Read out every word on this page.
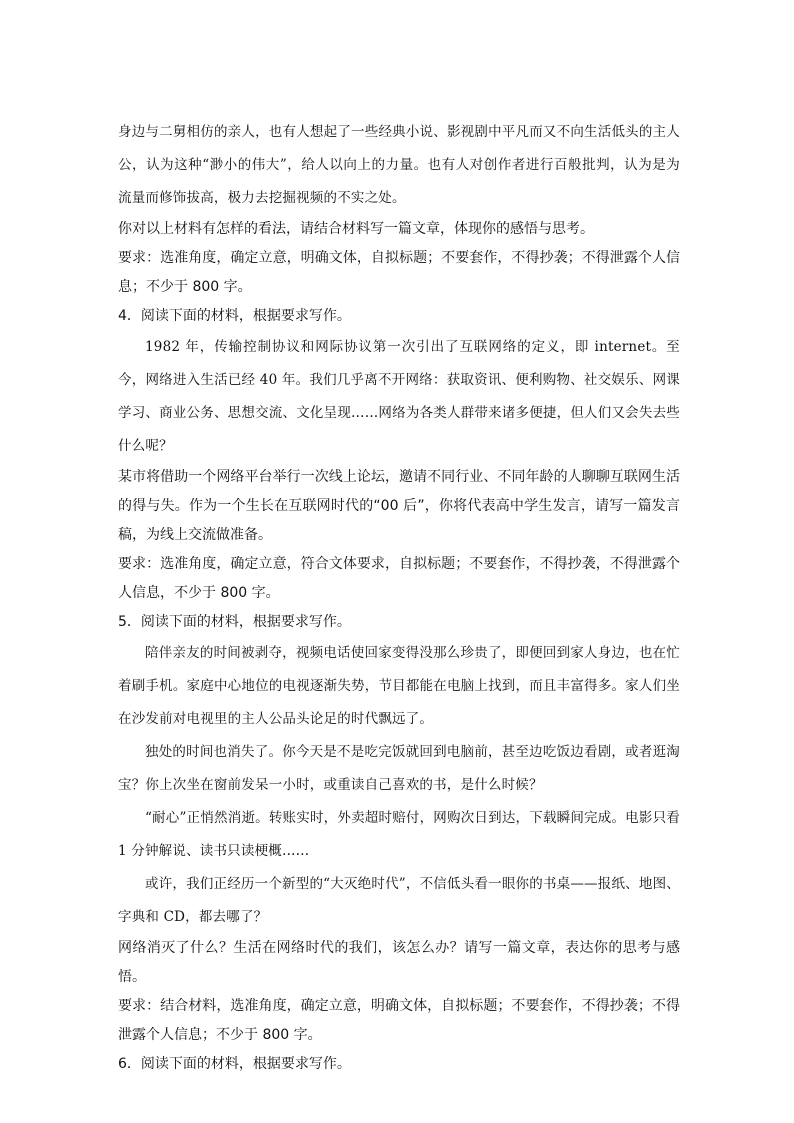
身边与二舅相仿的亲人，也有人想起了一些经典小说、影视剧中平凡而又不向生活低头的主人公，认为这种“渺小的伟大”，给人以向上的力量。也有人对创作者进行百般批判，认为是为流量而修饰拔高，极力去挖掘视频的不实之处。

你对以上材料有怎样的看法，请结合材料写一篇文章，体现你的感悟与思考。

要求：选准角度，确定立意，明确文体，自拟标题；不要套作，不得抄袭；不得泄露个人信息；不少于 800 字。

4．阅读下面的材料，根据要求写作。

1982 年，传输控制协议和网际协议第一次引出了互联网络的定义，即 internet。至今，网络进入生活已经 40 年。我们几乎离不开网络：获取资讯、便利购物、社交娱乐、网课学习、商业公务、思想交流、文化呈现……网络为各类人群带来诸多便捷，但人们又会失去些什么呢？

某市将借助一个网络平台举行一次线上论坛，邀请不同行业、不同年龄的人聊聊互联网生活的得与失。作为一个生长在互联网时代的“00 后”，你将代表高中学生发言，请写一篇发言稿，为线上交流做准备。

要求：选准角度，确定立意，符合文体要求，自拟标题；不要套作，不得抄袭，不得泄露个人信息，不少于 800 字。

5．阅读下面的材料，根据要求写作。

陪伴亲友的时间被剥夺，视频电话使回家变得没那么珍贵了，即便回到家人身边，也在忙着刷手机。家庭中心地位的电视逐渐失势，节目都能在电脑上找到，而且丰富得多。家人们坐在沙发前对电视里的主人公品头论足的时代飘远了。

独处的时间也消失了。你今天是不是吃完饭就回到电脑前，甚至边吃饭边看剧，或者逛淘宝？你上次坐在窗前发呆一小时，或重读自己喜欢的书，是什么时候？

“耐心”正悄然消逝。转账实时，外卖超时赔付，网购次日到达，下载瞬间完成。电影只看 1 分钟解说、读书只读梗概……

或许，我们正经历一个新型的“大灭绝时代”，不信低头看一眼你的书桌——报纸、地图、字典和 CD，都去哪了？

网络消灭了什么？生活在网络时代的我们，该怎么办？请写一篇文章，表达你的思考与感悟。

要求：结合材料，选准角度，确定立意，明确文体，自拟标题；不要套作，不得抄袭；不得泄露个人信息；不少于 800 字。

6．阅读下面的材料，根据要求写作。
